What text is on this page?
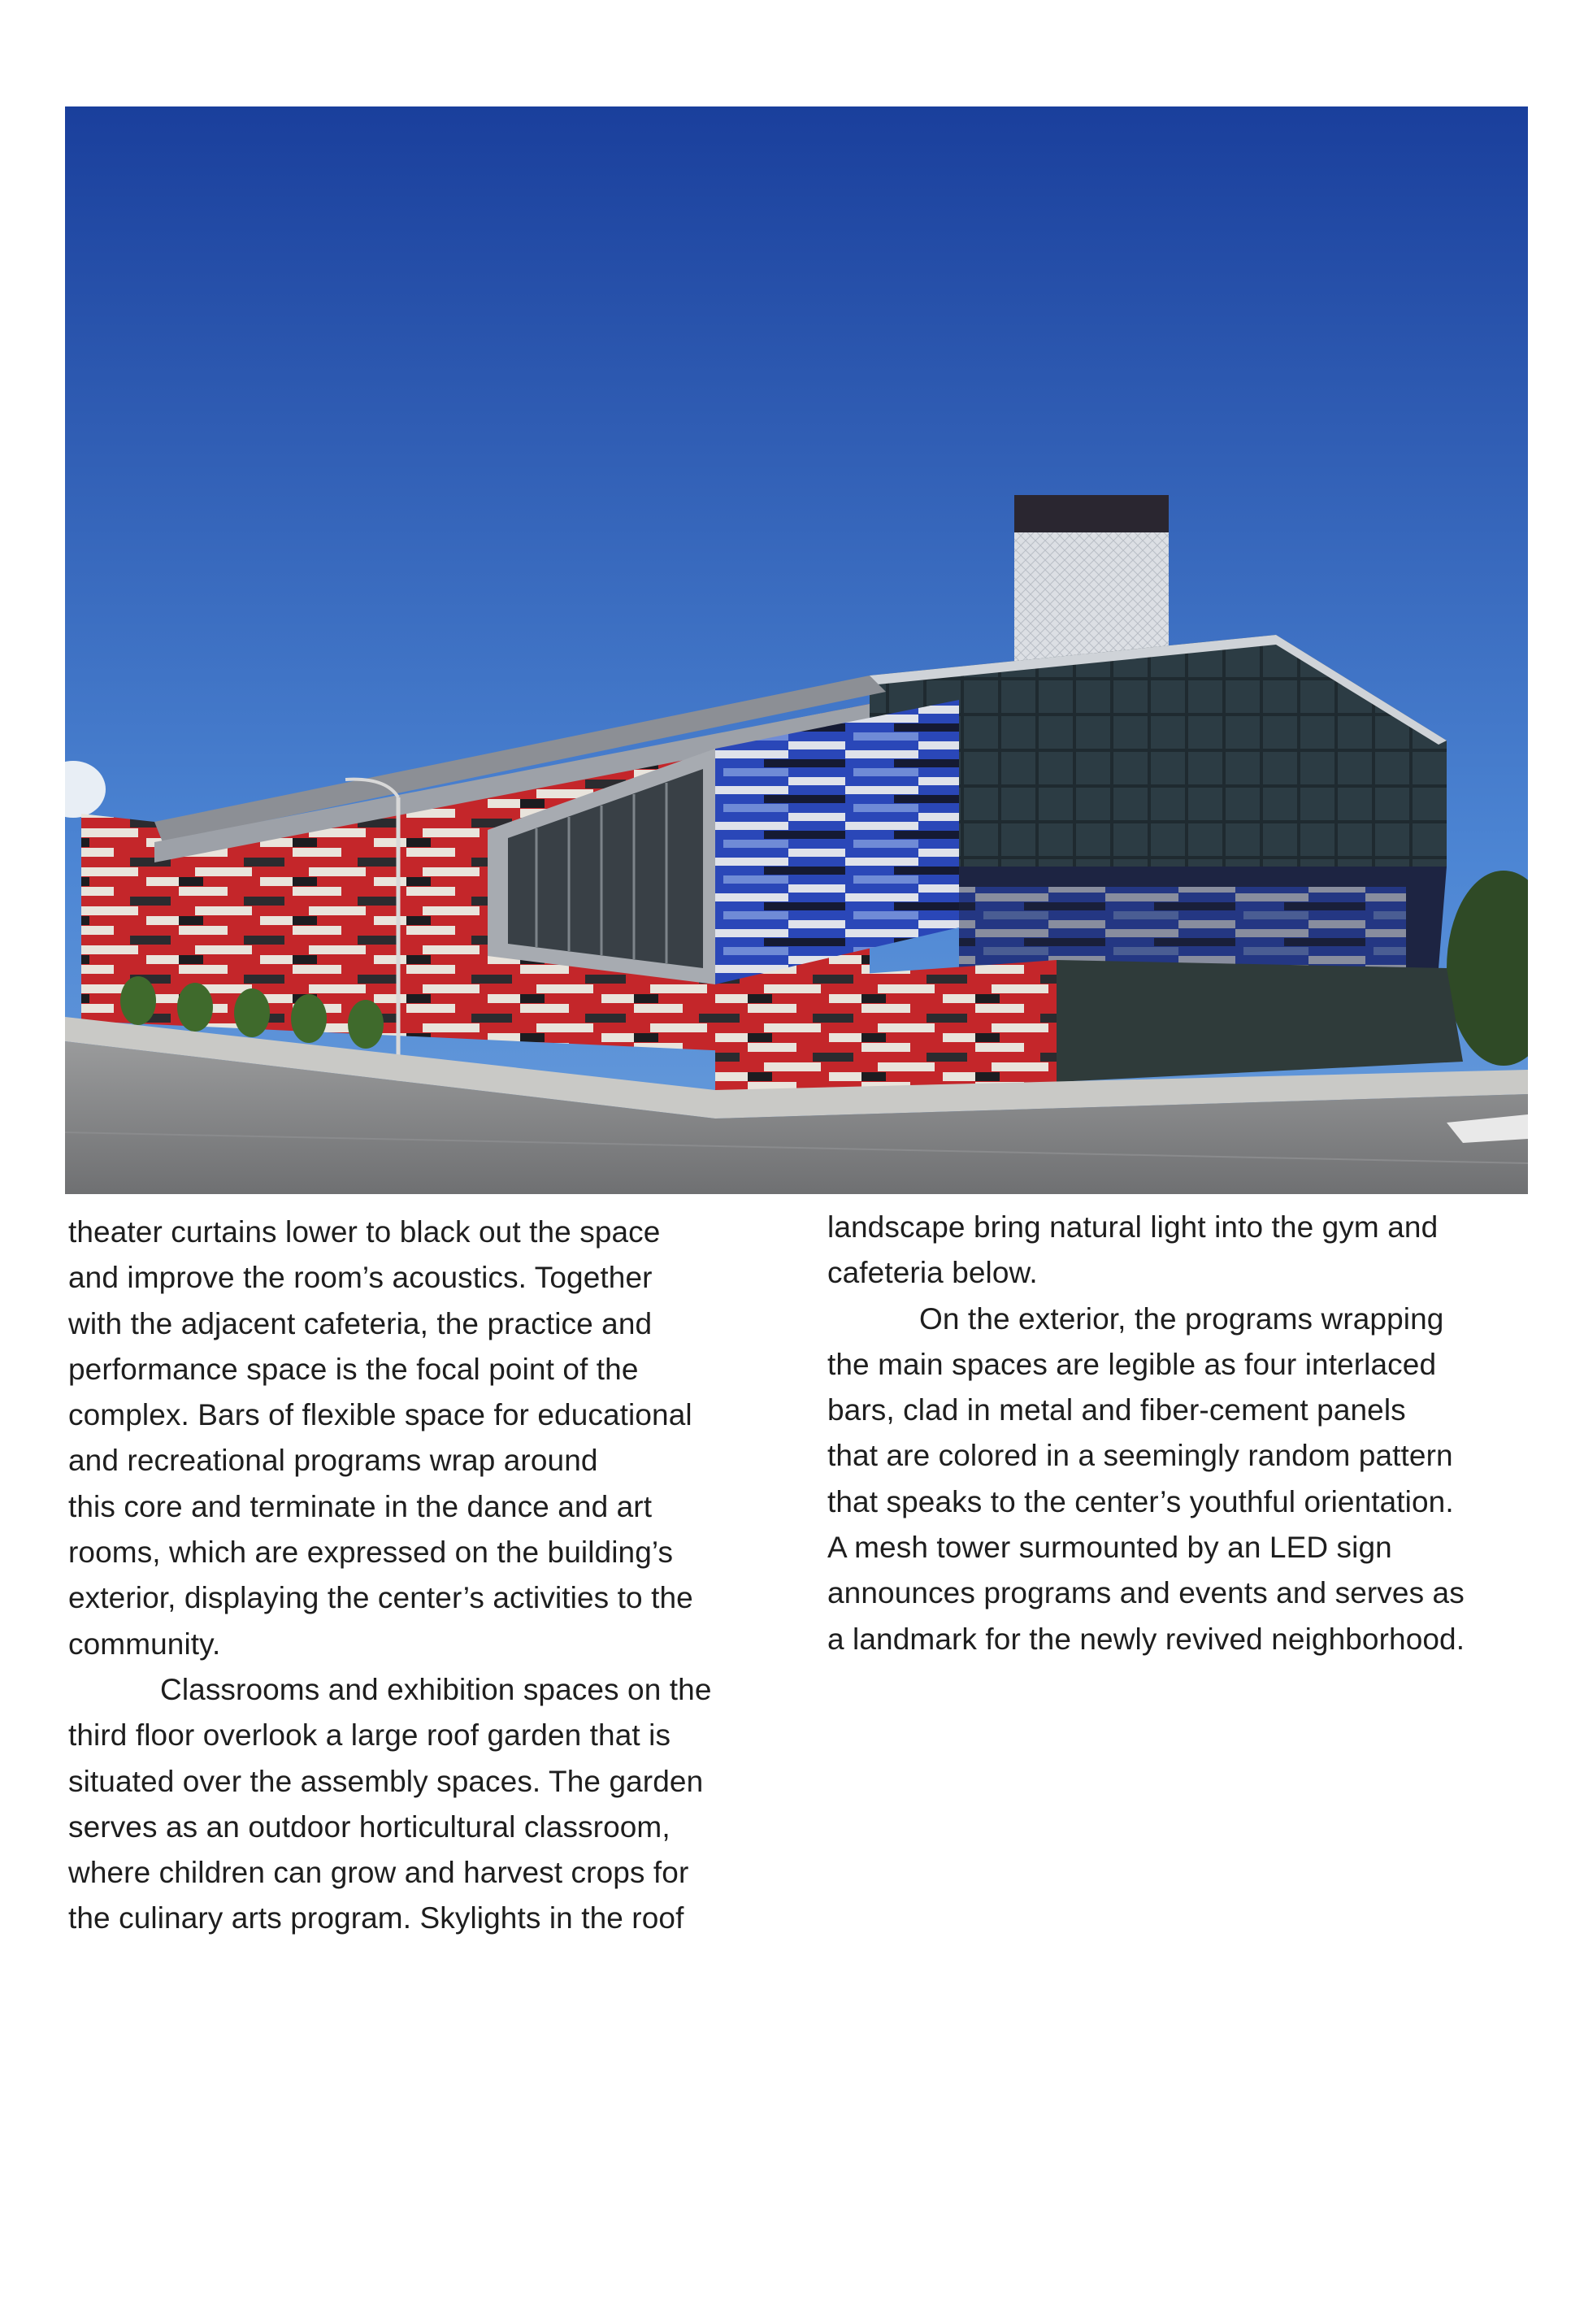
theater curtains lower to black out the space

and improve the room’s acoustics. Together

with the adjacent cafeteria, the practice and

performance space is the focal point of the

complex. Bars of flexible space for educational

and recreational programs wrap around

this core and terminate in the dance and art

rooms, which are expressed on the building’s

exterior, displaying the center’s activities to the

community.

Classrooms and exhibition spaces on the

third floor overlook a large roof garden that is

situated over the assembly spaces. The garden

serves as an outdoor horticultural classroom,

where children can grow and harvest crops for

the culinary arts program. Skylights in the roof

landscape bring natural light into the gym and

cafeteria below.

On the exterior, the programs wrapping

the main spaces are legible as four interlaced

bars, clad in metal and fiber-cement panels

that are colored in a seemingly random pattern

that speaks to the center’s youthful orientation.

A mesh tower surmounted by an LED sign

announces programs and events and serves as

a landmark for the newly revived neighborhood.
